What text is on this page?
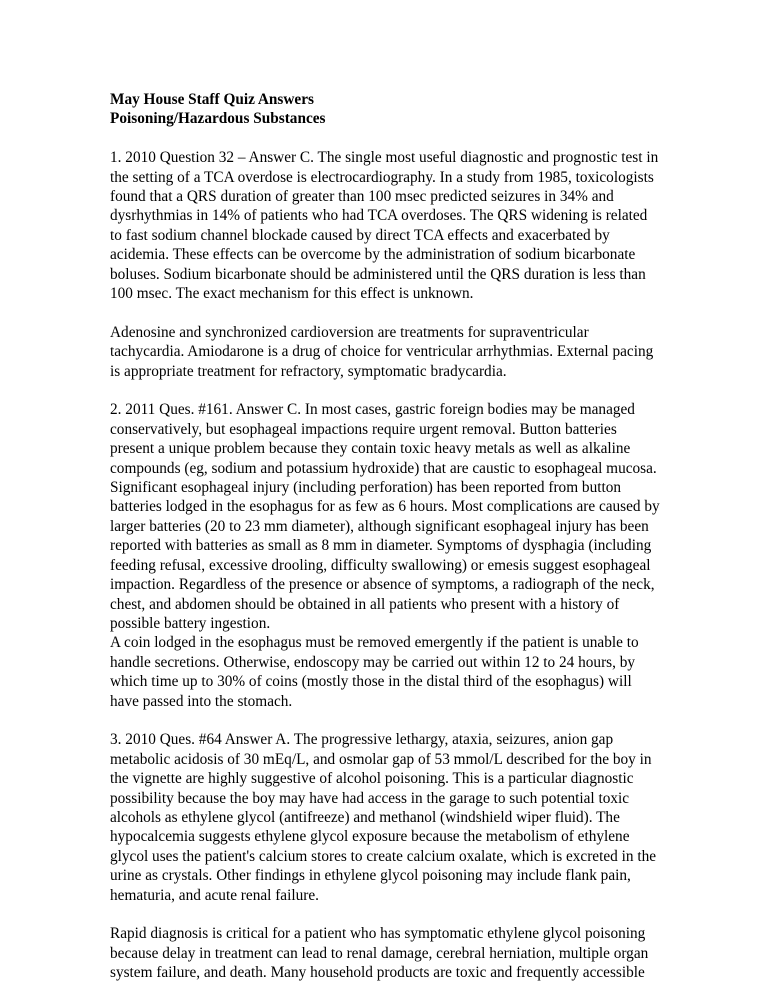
May House Staff Quiz Answers
Poisoning/Hazardous Substances

1. 2010 Question 32 – Answer C. The single most useful diagnostic and prognostic test in the setting of a TCA overdose is electrocardiography. In a study from 1985, toxicologists found that a QRS duration of greater than 100 msec predicted seizures in 34% and dysrhythmias in 14% of patients who had TCA overdoses. The QRS widening is related to fast sodium channel blockade caused by direct TCA effects and exacerbated by acidemia. These effects can be overcome by the administration of sodium bicarbonate boluses. Sodium bicarbonate should be administered until the QRS duration is less than 100 msec. The exact mechanism for this effect is unknown.

Adenosine and synchronized cardioversion are treatments for supraventricular tachycardia. Amiodarone is a drug of choice for ventricular arrhythmias. External pacing is appropriate treatment for refractory, symptomatic bradycardia.

2. 2011 Ques. #161. Answer C. In most cases, gastric foreign bodies may be managed conservatively, but esophageal impactions require urgent removal. Button batteries present a unique problem because they contain toxic heavy metals as well as alkaline compounds (eg, sodium and potassium hydroxide) that are caustic to esophageal mucosa. Significant esophageal injury (including perforation) has been reported from button batteries lodged in the esophagus for as few as 6 hours. Most complications are caused by larger batteries (20 to 23 mm diameter), although significant esophageal injury has been reported with batteries as small as 8 mm in diameter. Symptoms of dysphagia (including feeding refusal, excessive drooling, difficulty swallowing) or emesis suggest esophageal impaction. Regardless of the presence or absence of symptoms, a radiograph of the neck, chest, and abdomen should be obtained in all patients who present with a history of possible battery ingestion.

A coin lodged in the esophagus must be removed emergently if the patient is unable to handle secretions. Otherwise, endoscopy may be carried out within 12 to 24 hours, by which time up to 30% of coins (mostly those in the distal third of the esophagus) will have passed into the stomach.

3. 2010 Ques. #64 Answer A. The progressive lethargy, ataxia, seizures, anion gap metabolic acidosis of 30 mEq/L, and osmolar gap of 53 mmol/L described for the boy in the vignette are highly suggestive of alcohol poisoning. This is a particular diagnostic possibility because the boy may have had access in the garage to such potential toxic alcohols as ethylene glycol (antifreeze) and methanol (windshield wiper fluid). The hypocalcemia suggests ethylene glycol exposure because the metabolism of ethylene glycol uses the patient's calcium stores to create calcium oxalate, which is excreted in the urine as crystals. Other findings in ethylene glycol poisoning may include flank pain, hematuria, and acute renal failure.

Rapid diagnosis is critical for a patient who has symptomatic ethylene glycol poisoning because delay in treatment can lead to renal damage, cerebral herniation, multiple organ system failure, and death. Many household products are toxic and frequently accessible
